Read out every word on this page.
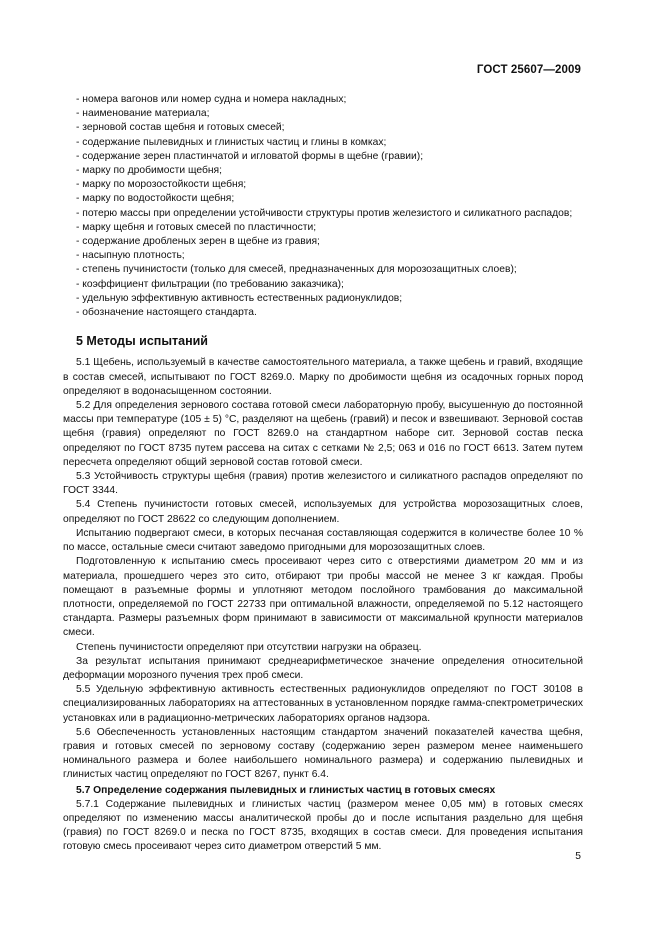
ГОСТ 25607—2009
- номера вагонов или номер судна и номера накладных;
- наименование материала;
- зерновой состав щебня и готовых смесей;
- содержание пылевидных и глинистых частиц и глины в комках;
- содержание зерен пластинчатой и игловатой формы в щебне (гравии);
- марку по дробимости щебня;
- марку по морозостойкости щебня;
- марку по водостойкости щебня;
- потерю массы при определении устойчивости структуры против железистого и силикатного распадов;
- марку щебня и готовых смесей по пластичности;
- содержание дробленых зерен в щебне из гравия;
- насыпную плотность;
- степень пучинистости (только для смесей, предназначенных для морозозащитных слоев);
- коэффициент фильтрации (по требованию заказчика);
- удельную эффективную активность естественных радионуклидов;
- обозначение настоящего стандарта.
5 Методы испытаний

5.1 Щебень, используемый в качестве самостоятельного материала, а также щебень и гравий, входящие в состав смесей, испытывают по ГОСТ 8269.0. Марку по дробимости щебня из осадочных горных пород определяют в водонасыщенном состоянии.

5.2 Для определения зернового состава готовой смеси лабораторную пробу, высушенную до постоянной массы при температуре (105 ± 5) °С, разделяют на щебень (гравий) и песок и взвешивают. Зерновой состав щебня (гравия) определяют по ГОСТ 8269.0 на стандартном наборе сит. Зерновой состав песка определяют по ГОСТ 8735 путем рассева на ситах с сетками № 2,5; 063 и 016 по ГОСТ 6613. Затем путем пересчета определяют общий зерновой состав готовой смеси.

5.3 Устойчивость структуры щебня (гравия) против железистого и силикатного распадов определяют по ГОСТ 3344.

5.4 Степень пучинистости готовых смесей, используемых для устройства морозозащитных слоев, определяют по ГОСТ 28622 со следующим дополнением.

Испытанию подвергают смеси, в которых песчаная составляющая содержится в количестве более 10 % по массе, остальные смеси считают заведомо пригодными для морозозащитных слоев.

Подготовленную к испытанию смесь просеивают через сито с отверстиями диаметром 20 мм и из материала, прошедшего через это сито, отбирают три пробы массой не менее 3 кг каждая. Пробы помещают в разъемные формы и уплотняют методом послойного трамбования до максимальной плотности, определяемой по ГОСТ 22733 при оптимальной влажности, определяемой по 5.12 настоящего стандарта. Размеры разъемных форм принимают в зависимости от максимальной крупности материалов смеси.

Степень пучинистости определяют при отсутствии нагрузки на образец.

За результат испытания принимают среднеарифметическое значение определения относительной деформации морозного пучения трех проб смеси.

5.5 Удельную эффективную активность естественных радионуклидов определяют по ГОСТ 30108 в специализированных лабораториях на аттестованных в установленном порядке гамма-спектрометрических установках или в радиационно-метрических лабораториях органов надзора.

5.6 Обеспеченность установленных настоящим стандартом значений показателей качества щебня, гравия и готовых смесей по зерновому составу (содержанию зерен размером менее наименьшего номинального размера и более наибольшего номинального размера) и содержанию пылевидных и глинистых частиц определяют по ГОСТ 8267, пункт 6.4.

5.7 Определение содержания пылевидных и глинистых частиц в готовых смесях

5.7.1 Содержание пылевидных и глинистых частиц (размером менее 0,05 мм) в готовых смесях определяют по изменению массы аналитической пробы до и после испытания раздельно для щебня (гравия) по ГОСТ 8269.0 и песка по ГОСТ 8735, входящих в состав смеси. Для проведения испытания готовую смесь просеивают через сито диаметром отверстий 5 мм.

5
